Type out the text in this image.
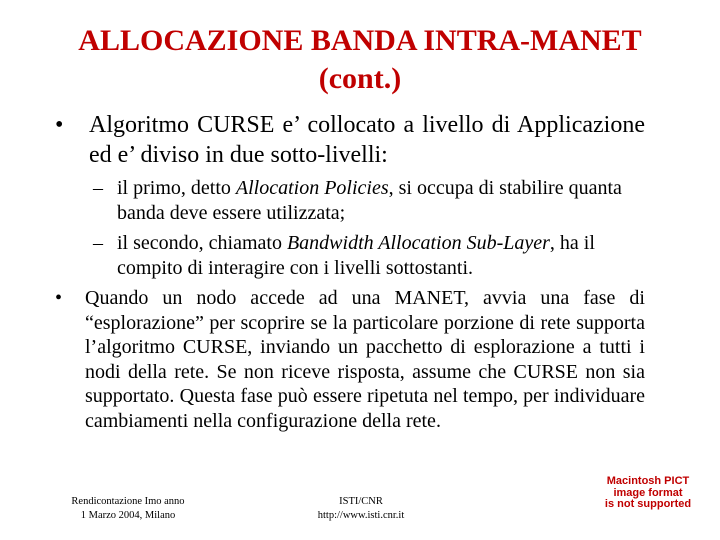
ALLOCAZIONE BANDA INTRA-MANET
(cont.)
•	Algoritmo CURSE e’ collocato a livello di Applicazione ed e’ diviso in due sotto-livelli:
– il primo, detto Allocation Policies, si occupa di stabilire quanta banda deve essere utilizzata;
– il secondo, chiamato Bandwidth Allocation Sub-Layer, ha il compito di interagire con i livelli sottostanti.
•	Quando un nodo accede ad una MANET, avvia una fase di “esplorazione” per scoprire se la particolare porzione di rete supporta l’algoritmo CURSE, inviando un pacchetto di esplorazione a tutti i nodi della rete. Se non riceve risposta, assume che CURSE non sia supportato. Questa fase può essere ripetuta nel tempo, per individuare cambiamenti nella configurazione della rete.
Rendicontazione Imo anno
1 Marzo 2004, Milano
ISTI/CNR
http://www.isti.cnr.it
Macintosh PICT
image format
is not supported
